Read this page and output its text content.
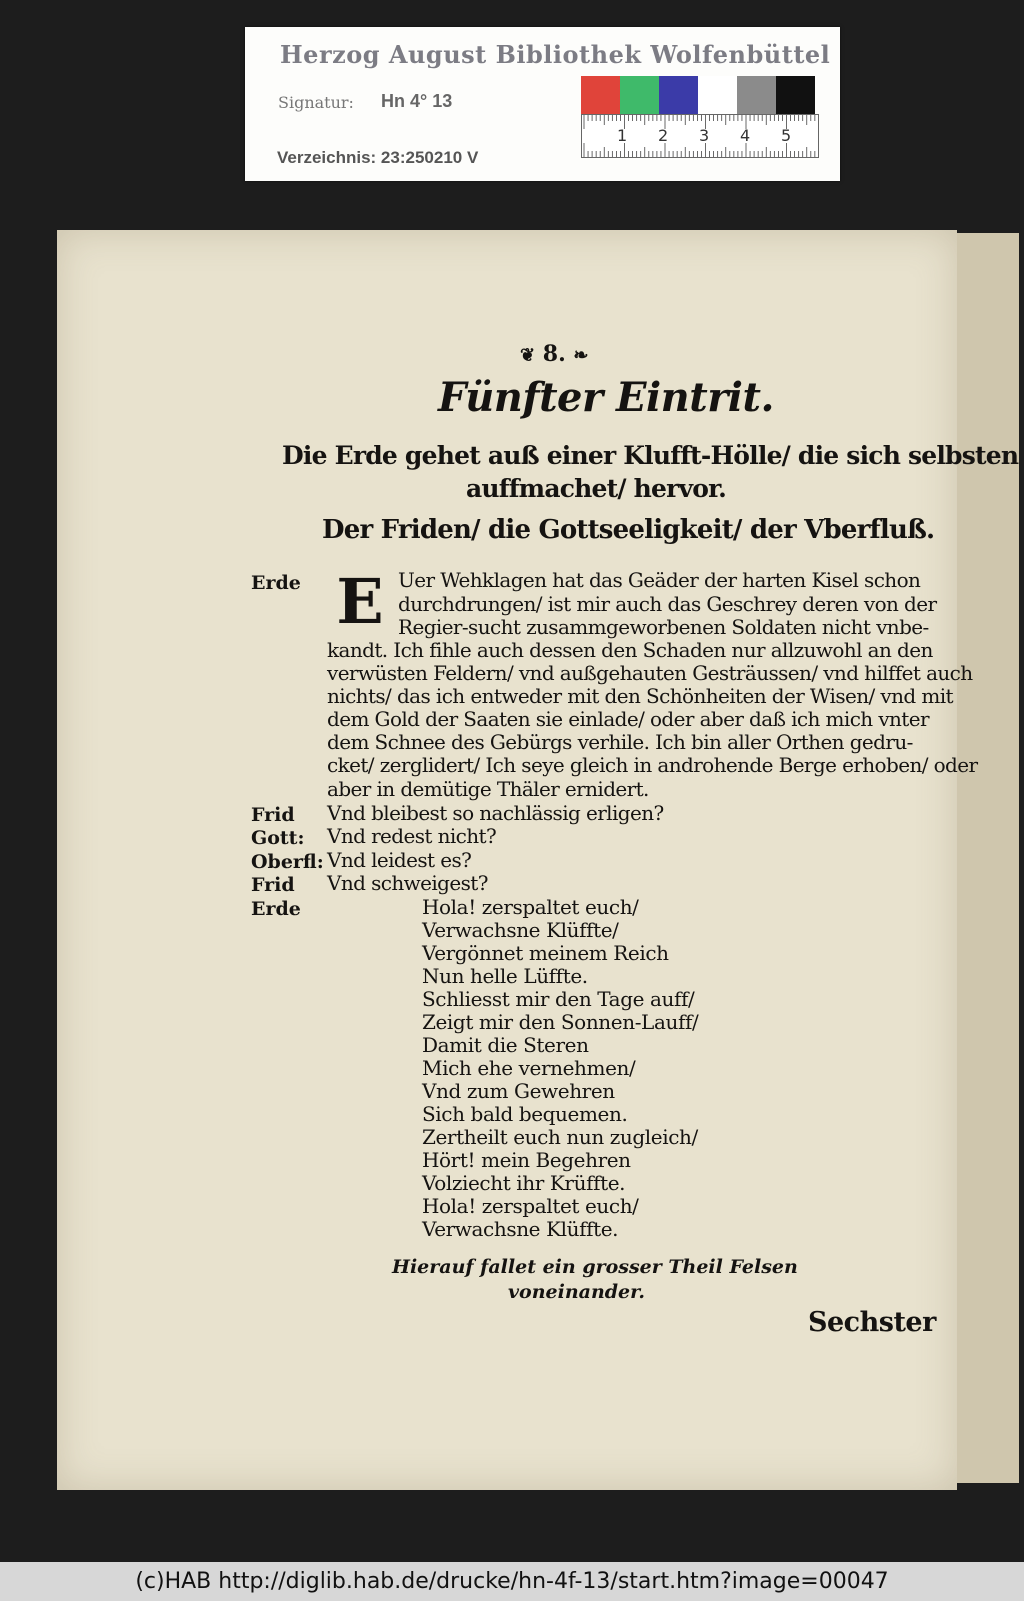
Herzog August Bibliothek Wolfenbüttel
Signatur: Hn 4° 13
Verzeichnis: 23:250210 V
1 2 3 4 5
❦ 8. ❧
Fünfter Eintrit.
Die Erde gehet auß einer Klufft-Hölle/ die sich selbsten
auffmachet/ hervor.
Der Friden/ die Gottseeligkeit/ der Vberfluß.
Erde E Uer Wehklagen hat das Geäder der harten Kisel schon
durchdrungen/ ist mir auch das Geschrey deren von der
Regier-sucht zusammgeworbenen Soldaten nicht vnbe-
kandt. Ich fihle auch dessen den Schaden nur allzuwohl an den
verwüsten Feldern/ vnd außgehauten Gesträussen/ vnd hilffet auch
nichts/ das ich entweder mit den Schönheiten der Wisen/ vnd mit
dem Gold der Saaten sie einlade/ oder aber daß ich mich vnter
dem Schnee des Gebürgs verhile. Ich bin aller Orthen gedru-
cket/ zerglidert/ Ich seye gleich in androhende Berge erhoben/ oder
aber in demütige Thäler ernidert.
Frid Vnd bleibest so nachlässig erligen?
Gott: Vnd redest nicht?
Oberfl: Vnd leidest es?
Frid Vnd schweigest?
Erde	Hola! zerspaltet euch/
Verwachsne Klüffte/
Vergönnet meinem Reich
Nun helle Lüffte.
Schliesst mir den Tage auff/
Zeigt mir den Sonnen-Lauff/
Damit die Steren
Mich ehe vernehmen/
Vnd zum Gewehren
Sich bald bequemen.
Zertheilt euch nun zugleich/
Hört! mein Begehren
Volziecht ihr Krüffte.
Hola! zerspaltet euch/
Verwachsne Klüffte.
Hierauf fallet ein grosser Theil Felsen
voneinander.
Sechster
(c)HAB http://diglib.hab.de/drucke/hn-4f-13/start.htm?image=00047
